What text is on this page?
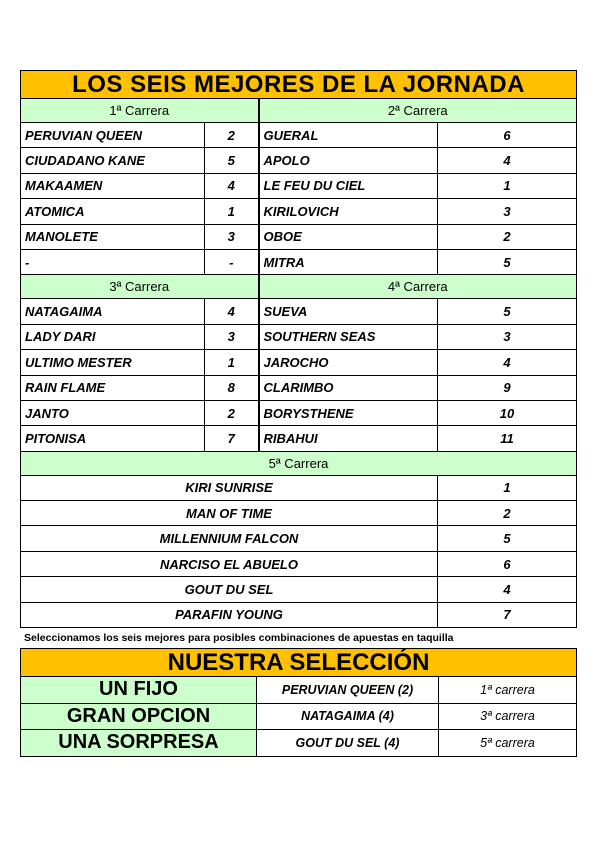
LOS SEIS MEJORES DE LA JORNADA			
1ª Carrera		2ª Carrera	
PERUVIAN QUEEN	2	GUERAL	6
CIUDADANO KANE	5	APOLO	4
MAKAAMEN	4	LE FEU DU CIEL	1
ATOMICA	1	KIRILOVICH	3
MANOLETE	3	OBOE	2
-	-	MITRA	5
3ª Carrera		4ª Carrera	
NATAGAIMA	4	SUEVA	5
LADY DARI	3	SOUTHERN SEAS	3
ULTIMO MESTER	1	JAROCHO	4
RAIN FLAME	8	CLARIMBO	9
JANTO	2	BORYSTHENE	10
PITONISA	7	RIBAHUI	11
5ª Carrera			
KIRI SUNRISE			1
MAN OF TIME			2
MILLENNIUM FALCON			5
NARCISO EL ABUELO			6
GOUT DU SEL			4
PARAFIN YOUNG			7
Seleccionamos los seis mejores para posibles combinaciones de apuestas en taquilla
NUESTRA SELECCIÓN		
UN FIJO	PERUVIAN QUEEN (2)	1ª carrera
GRAN OPCION	NATAGAIMA (4)	3ª carrera
UNA SORPRESA	GOUT DU SEL (4)	5ª carrera
